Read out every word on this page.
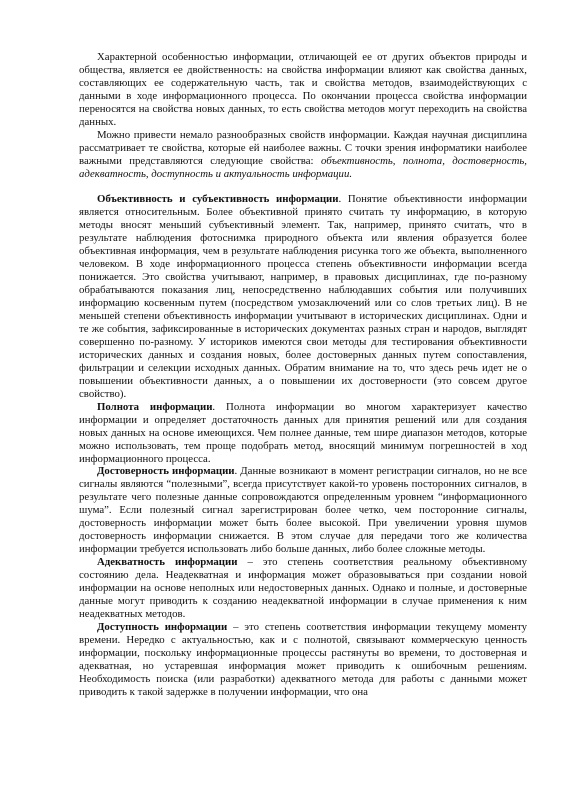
Характерной особенностью информации, отличающей ее от других объектов природы и общества, является ее двойственность: на свойства информации влияют как свойства данных, составляющих ее содержательную часть, так и свойства методов, взаимодействующих с данными в ходе информационного процесса. По окончании процесса свойства информации переносятся на свойства новых данных, то есть свойства методов могут переходить на свойства данных.

Можно привести немало разнообразных свойств информации. Каждая научная дисциплина рассматривает те свойства, которые ей наиболее важны. С точки зрения информатики наиболее важными представляются следующие свойства: объективность, полнота, достоверность, адекватность, доступность и актуальность информации.

Объективность и субъективность информации. Понятие объективности информации является относительным. Более объективной принято считать ту информацию, в которую методы вносят меньший субъективный элемент. Так, например, принято считать, что в результате наблюдения фотоснимка природного объекта или явления образуется более объективная информация, чем в результате наблюдения рисунка того же объекта, выполненного человеком. В ходе информационного процесса степень объективности информации всегда понижается. Это свойства учитывают, например, в правовых дисциплинах, где по-разному обрабатываются показания лиц, непосредственно наблюдавших события или получивших информацию косвенным путем (посредством умозаключений или со слов третьих лиц). В не меньшей степени объективность информации учитывают в исторических дисциплинах. Одни и те же события, зафиксированные в исторических документах разных стран и народов, выглядят совершенно по-разному. У историков имеются свои методы для тестирования объективности исторических данных и создания новых, более достоверных данных путем сопоставления, фильтрации и селекции исходных данных. Обратим внимание на то, что здесь речь идет не о повышении объективности данных, а о повышении их достоверности (это совсем другое свойство).

Полнота информации. Полнота информации во многом характеризует качество информации и определяет достаточность данных для принятия решений или для создания новых данных на основе имеющихся. Чем полнее данные, тем шире диапазон методов, которые можно использовать, тем проще подобрать метод, вносящий минимум погрешностей в ход информационного процесса.

Достоверность информации. Данные возникают в момент регистрации сигналов, но не все сигналы являются “полезными”, всегда присутствует какой-то уровень посторонних сигналов, в результате чего полезные данные сопровождаются определенным уровнем “информационного шума”. Если полезный сигнал зарегистрирован более четко, чем посторонние сигналы, достоверность информации может быть более высокой. При увеличении уровня шумов достоверность информации снижается. В этом случае для передачи того же количества информации требуется использовать либо больше данных, либо более сложные методы.

Адекватность информации – это степень соответствия реальному объективному состоянию дела. Неадекватная и информация может образовываться при создании новой информации на основе неполных или недостоверных данных. Однако и полные, и достоверные данные могут приводить к созданию неадекватной информации в случае применения к ним неадекватных методов.

Доступность информации – это степень соответствия информации текущему моменту времени. Нередко с актуальностью, как и с полнотой, связывают коммерческую ценность информации, поскольку информационные процессы растянуты во времени, то достоверная и адекватная, но устаревшая информация может приводить к ошибочным решениям. Необходимость поиска (или разработки) адекватного метода для работы с данными может приводить к такой задержке в получении информации, что она
